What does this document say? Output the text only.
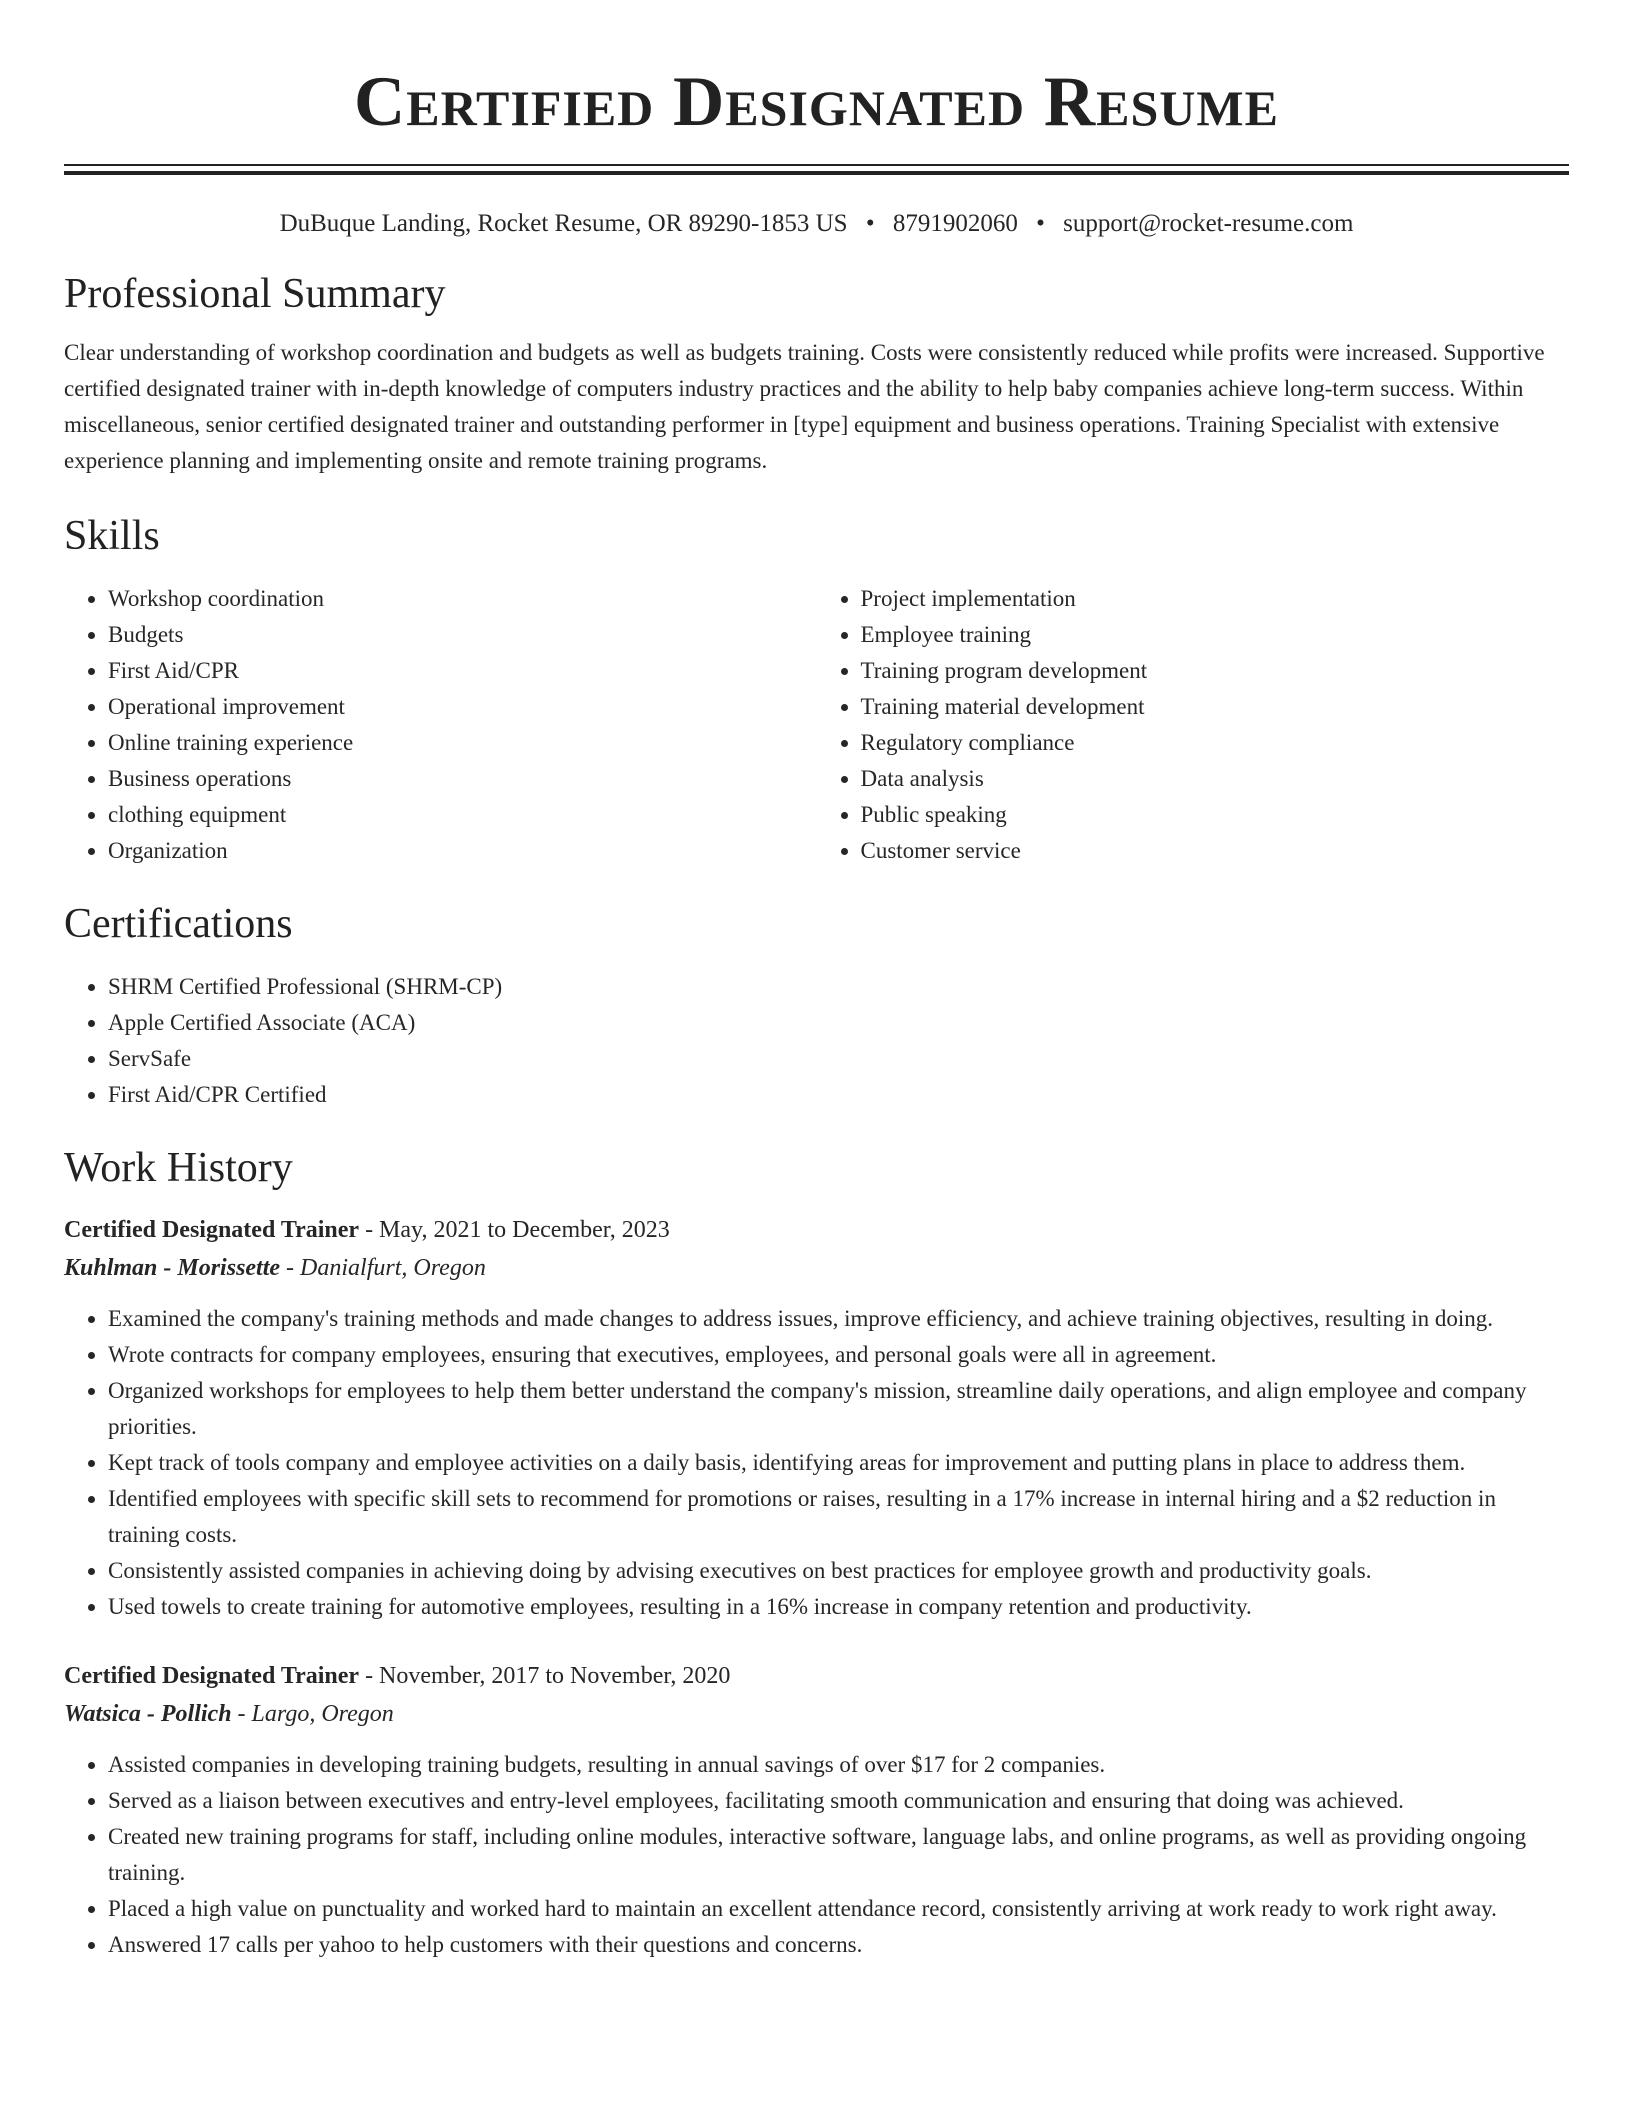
Certified Designated Resume
DuBuque Landing, Rocket Resume, OR 89290-1853 US • 8791902060 • support@rocket-resume.com
Professional Summary
Clear understanding of workshop coordination and budgets as well as budgets training. Costs were consistently reduced while profits were increased. Supportive certified designated trainer with in-depth knowledge of computers industry practices and the ability to help baby companies achieve long-term success. Within miscellaneous, senior certified designated trainer and outstanding performer in [type] equipment and business operations. Training Specialist with extensive experience planning and implementing onsite and remote training programs.
Skills
• Workshop coordination
• Budgets
• First Aid/CPR
• Operational improvement
• Online training experience
• Business operations
• clothing equipment
• Organization
• Project implementation
• Employee training
• Training program development
• Training material development
• Regulatory compliance
• Data analysis
• Public speaking
• Customer service
Certifications
• SHRM Certified Professional (SHRM-CP)
• Apple Certified Associate (ACA)
• ServSafe
• First Aid/CPR Certified
Work History
Certified Designated Trainer - May, 2021 to December, 2023
Kuhlman - Morissette - Danialfurt, Oregon
• Examined the company's training methods and made changes to address issues, improve efficiency, and achieve training objectives, resulting in doing.
• Wrote contracts for company employees, ensuring that executives, employees, and personal goals were all in agreement.
• Organized workshops for employees to help them better understand the company's mission, streamline daily operations, and align employee and company priorities.
• Kept track of tools company and employee activities on a daily basis, identifying areas for improvement and putting plans in place to address them.
• Identified employees with specific skill sets to recommend for promotions or raises, resulting in a 17% increase in internal hiring and a $2 reduction in training costs.
• Consistently assisted companies in achieving doing by advising executives on best practices for employee growth and productivity goals.
• Used towels to create training for automotive employees, resulting in a 16% increase in company retention and productivity.
Certified Designated Trainer - November, 2017 to November, 2020
Watsica - Pollich - Largo, Oregon
• Assisted companies in developing training budgets, resulting in annual savings of over $17 for 2 companies.
• Served as a liaison between executives and entry-level employees, facilitating smooth communication and ensuring that doing was achieved.
• Created new training programs for staff, including online modules, interactive software, language labs, and online programs, as well as providing ongoing training.
• Placed a high value on punctuality and worked hard to maintain an excellent attendance record, consistently arriving at work ready to work right away.
• Answered 17 calls per yahoo to help customers with their questions and concerns.
